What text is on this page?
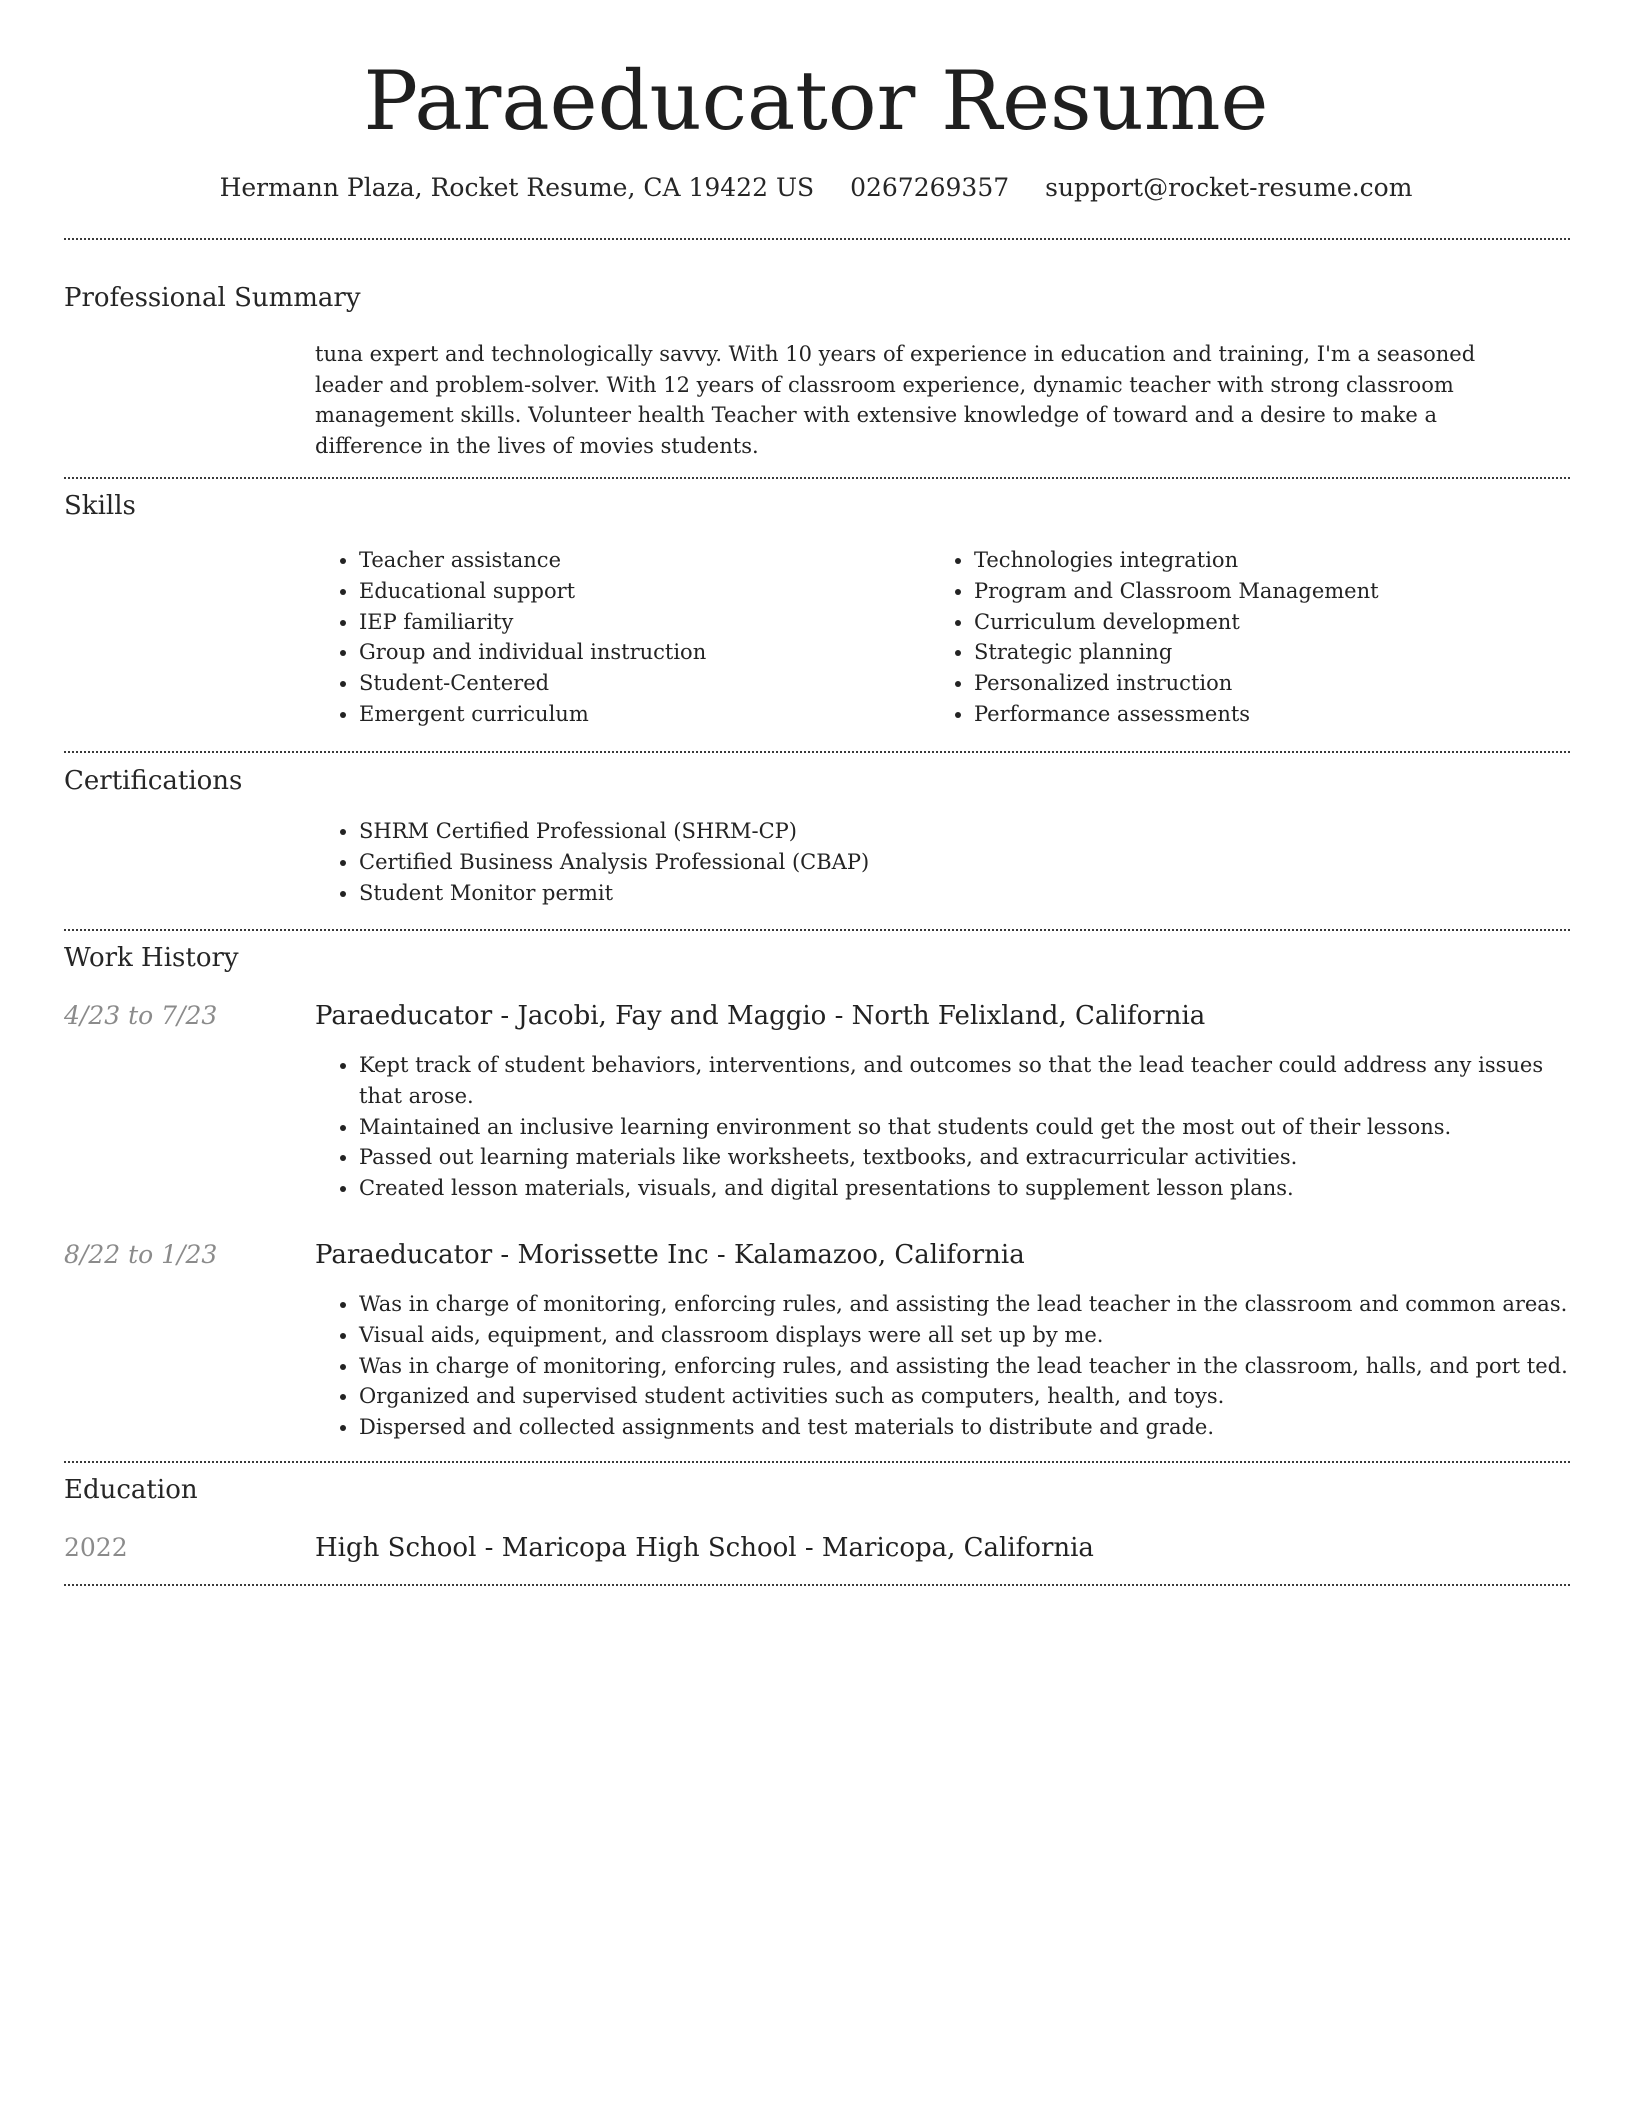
Paraeducator Resume
Hermann Plaza, Rocket Resume, CA 19422 US 0267269357 support@rocket-resume.com
Professional Summary

tuna expert and technologically savvy. With 10 years of experience in education and training, I'm a seasoned leader and problem-solver. With 12 years of classroom experience, dynamic teacher with strong classroom management skills. Volunteer health Teacher with extensive knowledge of toward and a desire to make a difference in the lives of movies students.

Skills
• Teacher assistance
• Educational support
• IEP familiarity
• Group and individual instruction
• Student-Centered
• Emergent curriculum
• Technologies integration
• Program and Classroom Management
• Curriculum development
• Strategic planning
• Personalized instruction
• Performance assessments
Certifications
• SHRM Certified Professional (SHRM-CP)
• Certified Business Analysis Professional (CBAP)
• Student Monitor permit
Work History
4/23 to 7/23	Paraeducator - Jacobi, Fay and Maggio - North Felixland, California
• Kept track of student behaviors, interventions, and outcomes so that the lead teacher could address any issues that arose.
• Maintained an inclusive learning environment so that students could get the most out of their lessons.
• Passed out learning materials like worksheets, textbooks, and extracurricular activities.
• Created lesson materials, visuals, and digital presentations to supplement lesson plans.
8/22 to 1/23	Paraeducator - Morissette Inc - Kalamazoo, California
• Was in charge of monitoring, enforcing rules, and assisting the lead teacher in the classroom and common areas.
• Visual aids, equipment, and classroom displays were all set up by me.
• Was in charge of monitoring, enforcing rules, and assisting the lead teacher in the classroom, halls, and port ted.
• Organized and supervised student activities such as computers, health, and toys.
• Dispersed and collected assignments and test materials to distribute and grade.
Education
2022	High School - Maricopa High School - Maricopa, California
